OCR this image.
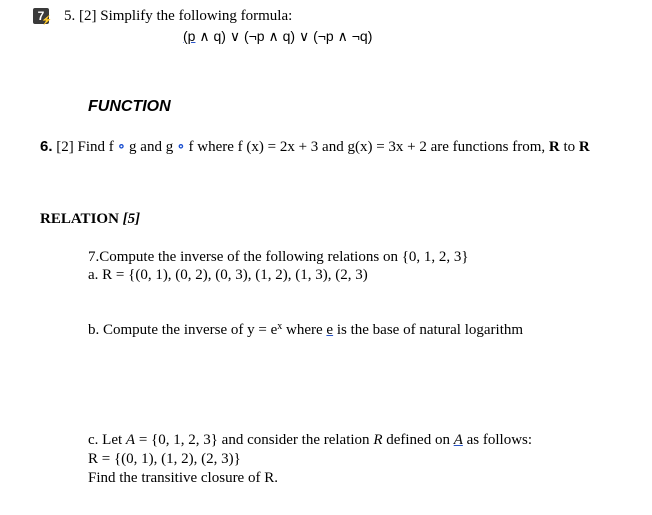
7
⚡ 5. [2] Simplify the following formula:
(p ∧ q) ∨ (¬p ∧ q) ∨ (¬p ∧ ¬q)
FUNCTION
6. [2] Find f ∘ g and g ∘ f where f (x) = 2x + 3 and g(x) = 3x + 2 are functions from, R to R
RELATION [5]
7.Compute the inverse of the following relations on {0, 1, 2, 3}
a. R = {(0, 1), (0, 2), (0, 3), (1, 2), (1, 3), (2, 3)
b. Compute the inverse of $y = e^x$ where e is the base of natural logarithm
c. Let A = {0, 1, 2, 3} and consider the relation R defined on A as follows:
R = {(0, 1), (1, 2), (2, 3)}
Find the transitive closure of R.
